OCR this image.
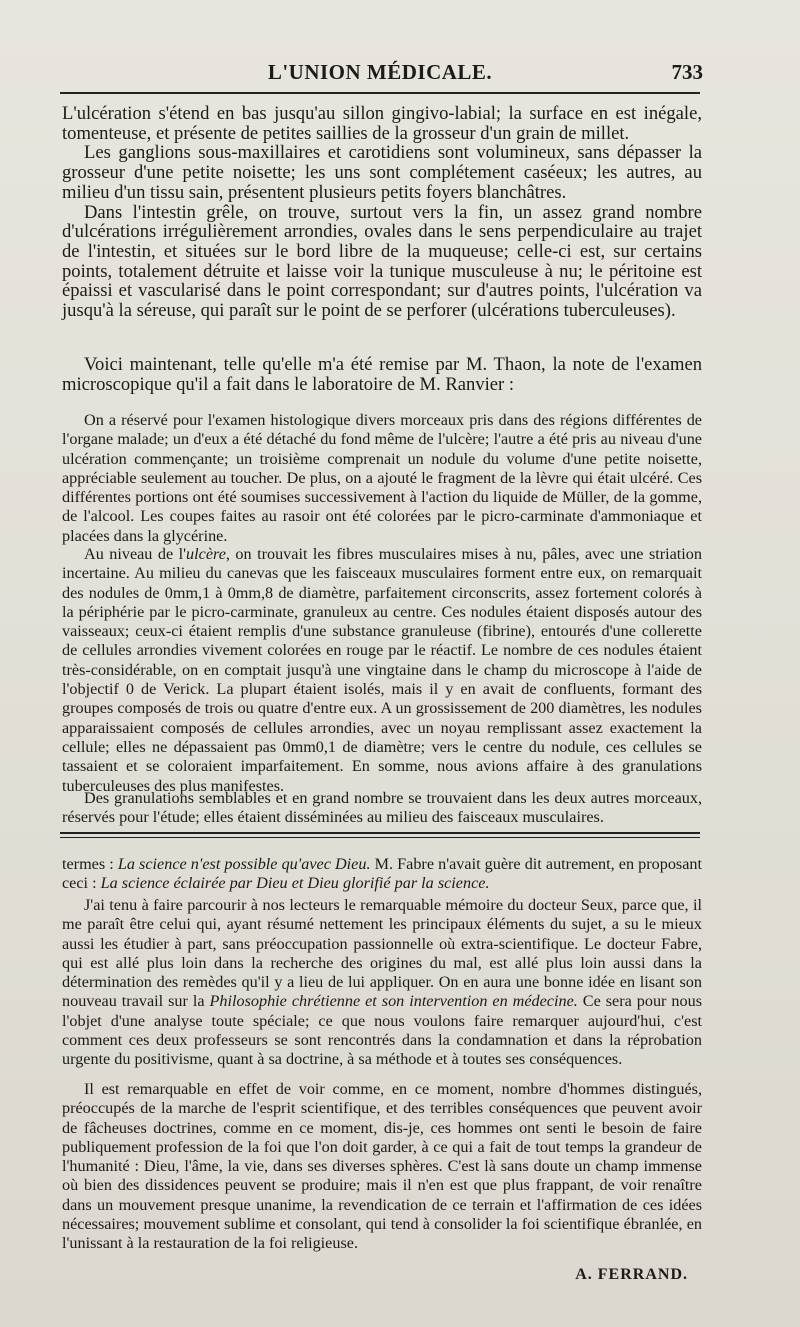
L'UNION MÉDICALE.	733

L'ulcération s'étend en bas jusqu'au sillon gingivo-labial; la surface en est inégale, tomenteuse, et présente de petites saillies de la grosseur d'un grain de millet.

Les ganglions sous-maxillaires et carotidiens sont volumineux, sans dépasser la grosseur d'une petite noisette; les uns sont complétement caséeux; les autres, au milieu d'un tissu sain, présentent plusieurs petits foyers blanchâtres.

Dans l'intestin grêle, on trouve, surtout vers la fin, un assez grand nombre d'ulcérations irrégulièrement arrondies, ovales dans le sens perpendiculaire au trajet de l'intestin, et situées sur le bord libre de la muqueuse; celle-ci est, sur certains points, totalement détruite et laisse voir la tunique musculeuse à nu; le péritoine est épaissi et vascularisé dans le point correspondant; sur d'autres points, l'ulcération va jusqu'à la séreuse, qui paraît sur le point de se perforer (ulcérations tuberculeuses).

Voici maintenant, telle qu'elle m'a été remise par M. Thaon, la note de l'examen microscopique qu'il a fait dans le laboratoire de M. Ranvier :

On a réservé pour l'examen histologique divers morceaux pris dans des régions différentes de l'organe malade; un d'eux a été détaché du fond même de l'ulcère; l'autre a été pris au niveau d'une ulcération commençante; un troisième comprenait un nodule du volume d'une petite noisette, appréciable seulement au toucher. De plus, on a ajouté le fragment de la lèvre qui était ulcéré. Ces différentes portions ont été soumises successivement à l'action du liquide de Müller, de la gomme, de l'alcool. Les coupes faites au rasoir ont été colorées par le picro-carminate d'ammoniaque et placées dans la glycérine.

Au niveau de l'ulcère, on trouvait les fibres musculaires mises à nu, pâles, avec une striation incertaine. Au milieu du canevas que les faisceaux musculaires forment entre eux, on remarquait des nodules de 0mm,1 à 0mm,8 de diamètre, parfaitement circonscrits, assez fortement colorés à la périphérie par le picro-carminate, granuleux au centre. Ces nodules étaient disposés autour des vaisseaux; ceux-ci étaient remplis d'une substance granuleuse (fibrine), entourés d'une collerette de cellules arrondies vivement colorées en rouge par le réactif. Le nombre de ces nodules étaient très-considérable, on en comptait jusqu'à une vingtaine dans le champ du microscope à l'aide de l'objectif 0 de Verick. La plupart étaient isolés, mais il y en avait de confluents, formant des groupes composés de trois ou quatre d'entre eux. A un grossissement de 200 diamètres, les nodules apparaissaient composés de cellules arrondies, avec un noyau remplissant assez exactement la cellule; elles ne dépassaient pas 0mm0,1 de diamètre; vers le centre du nodule, ces cellules se tassaient et se coloraient imparfaitement. En somme, nous avions affaire à des granulations tuberculeuses des plus manifestes.

Des granulations semblables et en grand nombre se trouvaient dans les deux autres morceaux, réservés pour l'étude; elles étaient disséminées au milieu des faisceaux musculaires.

termes : La science n'est possible qu'avec Dieu. M. Fabre n'avait guère dit autrement, en proposant ceci : La science éclairée par Dieu et Dieu glorifié par la science.

J'ai tenu à faire parcourir à nos lecteurs le remarquable mémoire du docteur Seux, parce que, il me paraît être celui qui, ayant résumé nettement les principaux éléments du sujet, a su le mieux aussi les étudier à part, sans préoccupation passionnelle où extra-scientifique. Le docteur Fabre, qui est allé plus loin dans la recherche des origines du mal, est allé plus loin aussi dans la détermination des remèdes qu'il y a lieu de lui appliquer. On en aura une bonne idée en lisant son nouveau travail sur la Philosophie chrétienne et son intervention en médecine. Ce sera pour nous l'objet d'une analyse toute spéciale; ce que nous voulons faire remarquer aujourd'hui, c'est comment ces deux professeurs se sont rencontrés dans la condamnation et dans la réprobation urgente du positivisme, quant à sa doctrine, à sa méthode et à toutes ses conséquences.

Il est remarquable en effet de voir comme, en ce moment, nombre d'hommes distingués, préoccupés de la marche de l'esprit scientifique, et des terribles conséquences que peuvent avoir de fâcheuses doctrines, comme en ce moment, dis-je, ces hommes ont senti le besoin de faire publiquement profession de la foi que l'on doit garder, à ce qui a fait de tout temps la grandeur de l'humanité : Dieu, l'âme, la vie, dans ses diverses sphères. C'est là sans doute un champ immense où bien des dissidences peuvent se produire; mais il n'en est que plus frappant, de voir renaître dans un mouvement presque unanime, la revendication de ce terrain et l'affirmation de ces idées nécessaires; mouvement sublime et consolant, qui tend à consolider la foi scientifique ébranlée, en l'unissant à la restauration de la foi religieuse.

A. FERRAND.
